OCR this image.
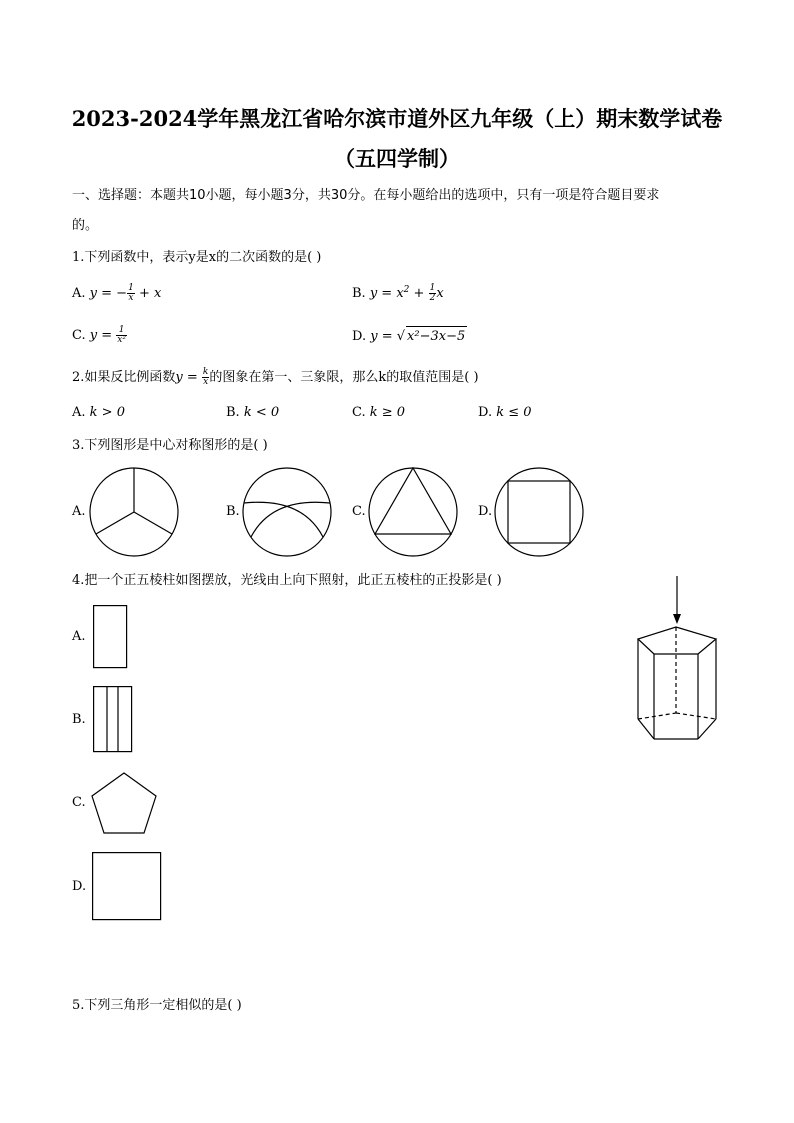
2023-2024学年黑龙江省哈尔滨市道外区九年级（上）期末数学试卷
（五四学制）
一、选择题：本题共10小题，每小题3分，共30分。在每小题给出的选项中，只有一项是符合题目要求
的。
1.下列函数中，表示y是x的二次函数的是( )
A. y = − $\frac{1}{x} + x$	B. $y = x^2 + \frac{1}{2}$ x
C. $y = \frac{1}{\text{x²}}$	D. y = √ x²−3x−5
2.如果反比例函数$y = \frac{k}{x}$ 的图象在第一、三象限，那么k的取值范围是( )
A. k > 0	B. k < 0	C. k ≥ 0	D. k ≤ 0
3.下列图形是中心对称图形的是( )
A.	B.	C.	D.
4.把一个正五棱柱如图摆放，光线由上向下照射，此正五棱柱的正投影是( )
A.
B.
C.
D.
5.下列三角形一定相似的是( )
